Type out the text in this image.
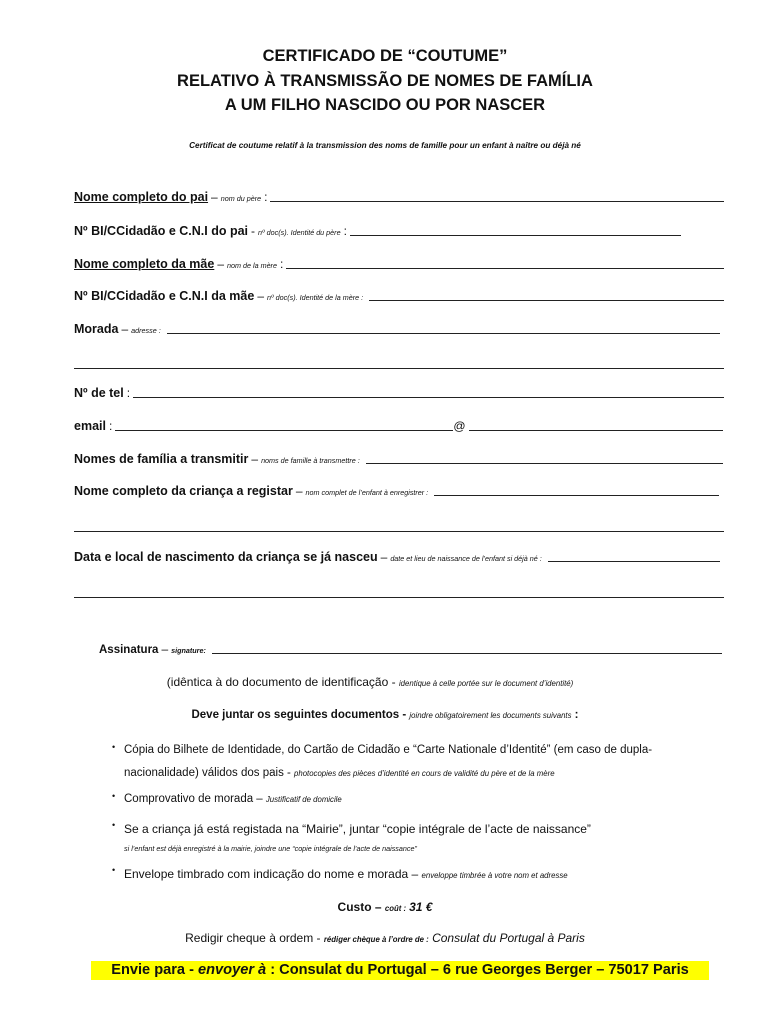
CERTIFICADO DE “COUTUME”
RELATIVO À TRANSMISSÃO DE NOMES DE FAMÍLIA
A UM FILHO NASCIDO OU POR NASCER
Certificat de coutume relatif à la transmission des noms de famille pour un enfant à naître ou déjà né
Nome completo do pai – nom du père :
Nº BI/CCidadão e C.N.I do pai - nº doc(s). Identité du père :
Nome completo da mãe – nom de la mère :
Nº BI/CCidadão e C.N.I da mãe – nº doc(s). Identité de la mère :
Morada – adresse :
Nº de tel :
email :	@
Nomes de família a transmitir – noms de famille à transmettre :
Nome completo da criança a registar – nom complet de l’enfant à enregistrer :
Data e local de nascimento da criança se já nasceu – date et lieu de naissance de l’enfant si déjà né :
Assinatura – signature:
(idêntica à do documento de identificação - identique à celle portée sur le document d’identité)
Deve juntar os seguintes documentos - joindre obligatoirement les documents suivants :
• Cópia do Bilhete de Identidade, do Cartão de Cidadão e “Carte Nationale d’Identité” (em caso de dupla-
nacionalidade) válidos dos pais - photocopies des pièces d’identité en cours de validité du père et de la mère
• Comprovativo de morada – Justificatif de domicile
• Se a criança já está registada na “Mairie”, juntar “copie intégrale de l’acte de naissance”
si l’enfant est déjà enregistré à la mairie, joindre une “copie intégrale de l’acte de naissance”
• Envelope timbrado com indicação do nome e morada – enveloppe timbrée à votre nom et adresse
Custo – coût : 31 €
Redigir cheque à ordem - rédiger chèque à l’ordre de : Consulat du Portugal à Paris
Envie para - envoyer à : Consulat du Portugal – 6 rue Georges Berger – 75017 Paris
